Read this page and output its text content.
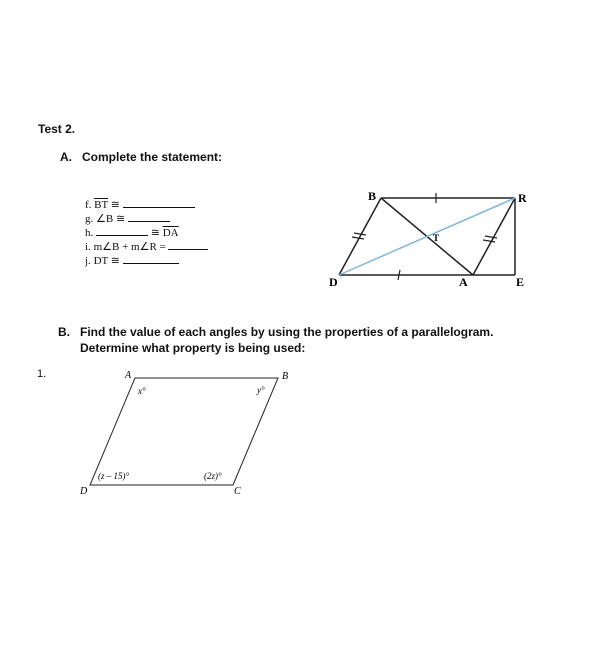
Test 2.
A. Complete the statement:
f. $\overline{BT}$ ≅
g. ∠B ≅
h.	≅ $\overline{DA}$
i. m∠B + m∠R =
j. DT ≅
B	R
D	A	E
T
A	B
C
D
x°	y°
(z – 15)°	(2z)°
B. Find the value of each angles by using the properties of a parallelogram.
Determine what property is being used:
1.
